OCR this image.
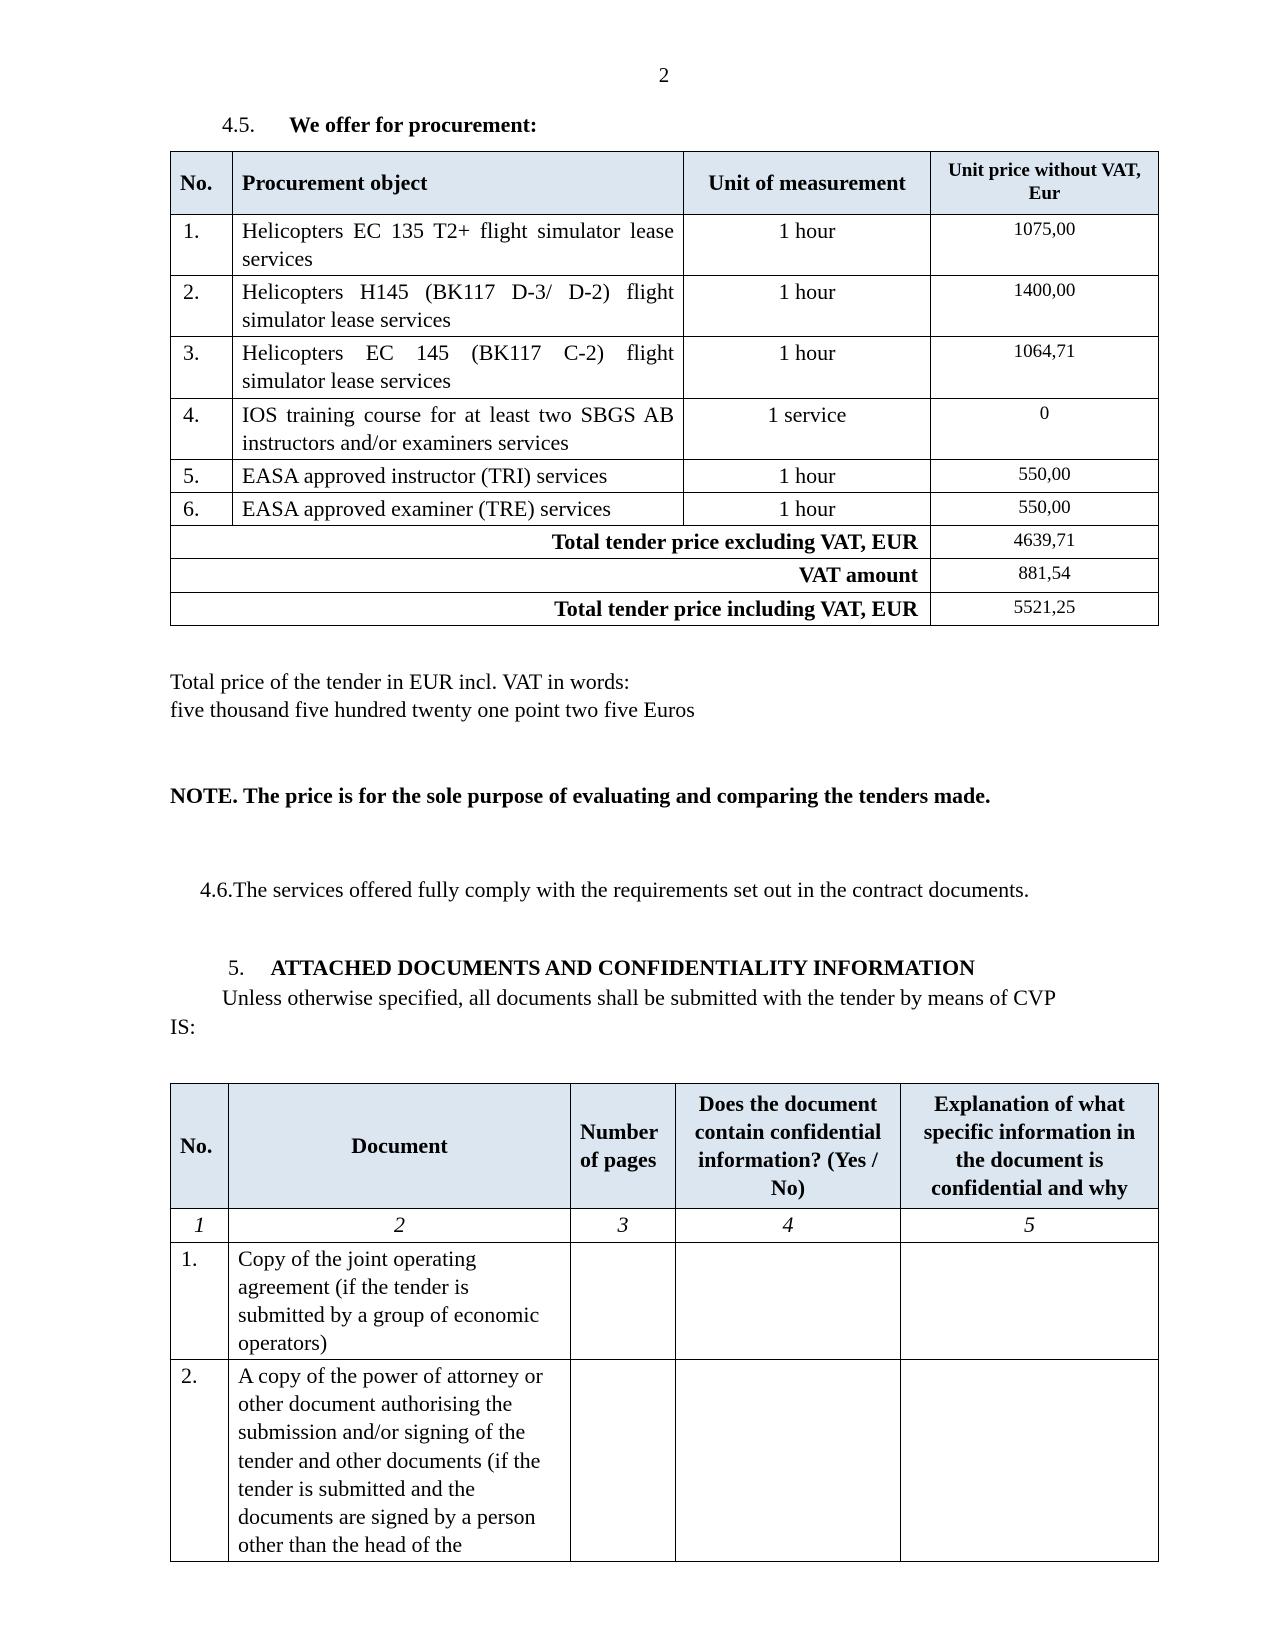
2
4.5. We offer for procurement:
No.	Procurement object	Unit of measurement	Unit price without VAT, Eur
1.	Helicopters EC 135 T2+ flight simulator lease services	1 hour	1075,00
2.	Helicopters H145 (BK117 D-3/ D-2) flight simulator lease services	1 hour	1400,00
3.	Helicopters EC 145 (BK117 C-2) flight simulator lease services	1 hour	1064,71
4.	IOS training course for at least two SBGS AB instructors and/or examiners services	1 service	0
5.	EASA approved instructor (TRI) services	1 hour	550,00
6.	EASA approved examiner (TRE) services	1 hour	550,00
Total tender price excluding VAT, EUR			4639,71
VAT amount			881,54
Total tender price including VAT, EUR			5521,25
Total price of the tender in EUR incl. VAT in words:
five thousand five hundred twenty one point two five Euros
NOTE. The price is for the sole purpose of evaluating and comparing the tenders made.
4.6.The services offered fully comply with the requirements set out in the contract documents.
5. ATTACHED DOCUMENTS AND CONFIDENTIALITY INFORMATION
Unless otherwise specified, all documents shall be submitted with the tender by means of CVP
IS:
No.	Document	Number of pages	Does the document contain confidential information? (Yes / No)	Explanation of what specific information in the document is confidential and why
1	2	3	4	5
1.	Copy of the joint operating agreement (if the tender is submitted by a group of economic operators)			
2.	A copy of the power of attorney or other document authorising the submission and/or signing of the tender and other documents (if the tender is submitted and the documents are signed by a person other than the head of the			
